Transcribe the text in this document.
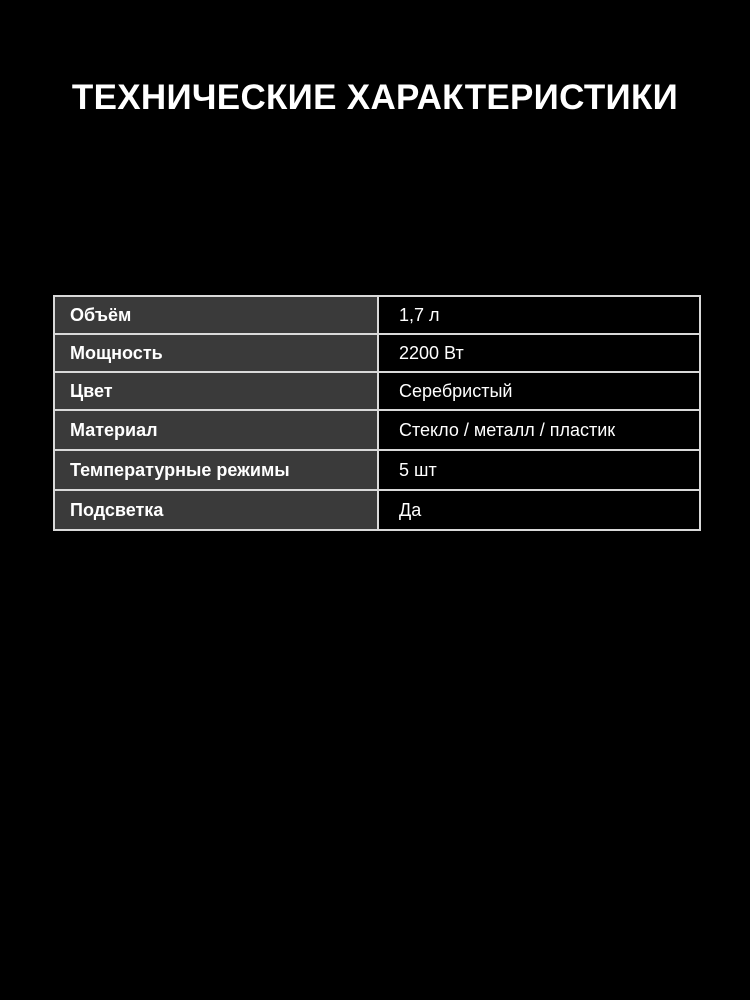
ТЕХНИЧЕСКИЕ ХАРАКТЕРИСТИКИ
Объём	1,7 л
Мощность	2200 Вт
Цвет	Серебристый
Материал	Стекло / металл / пластик
Температурные режимы	5 шт
Подсветка	Да
